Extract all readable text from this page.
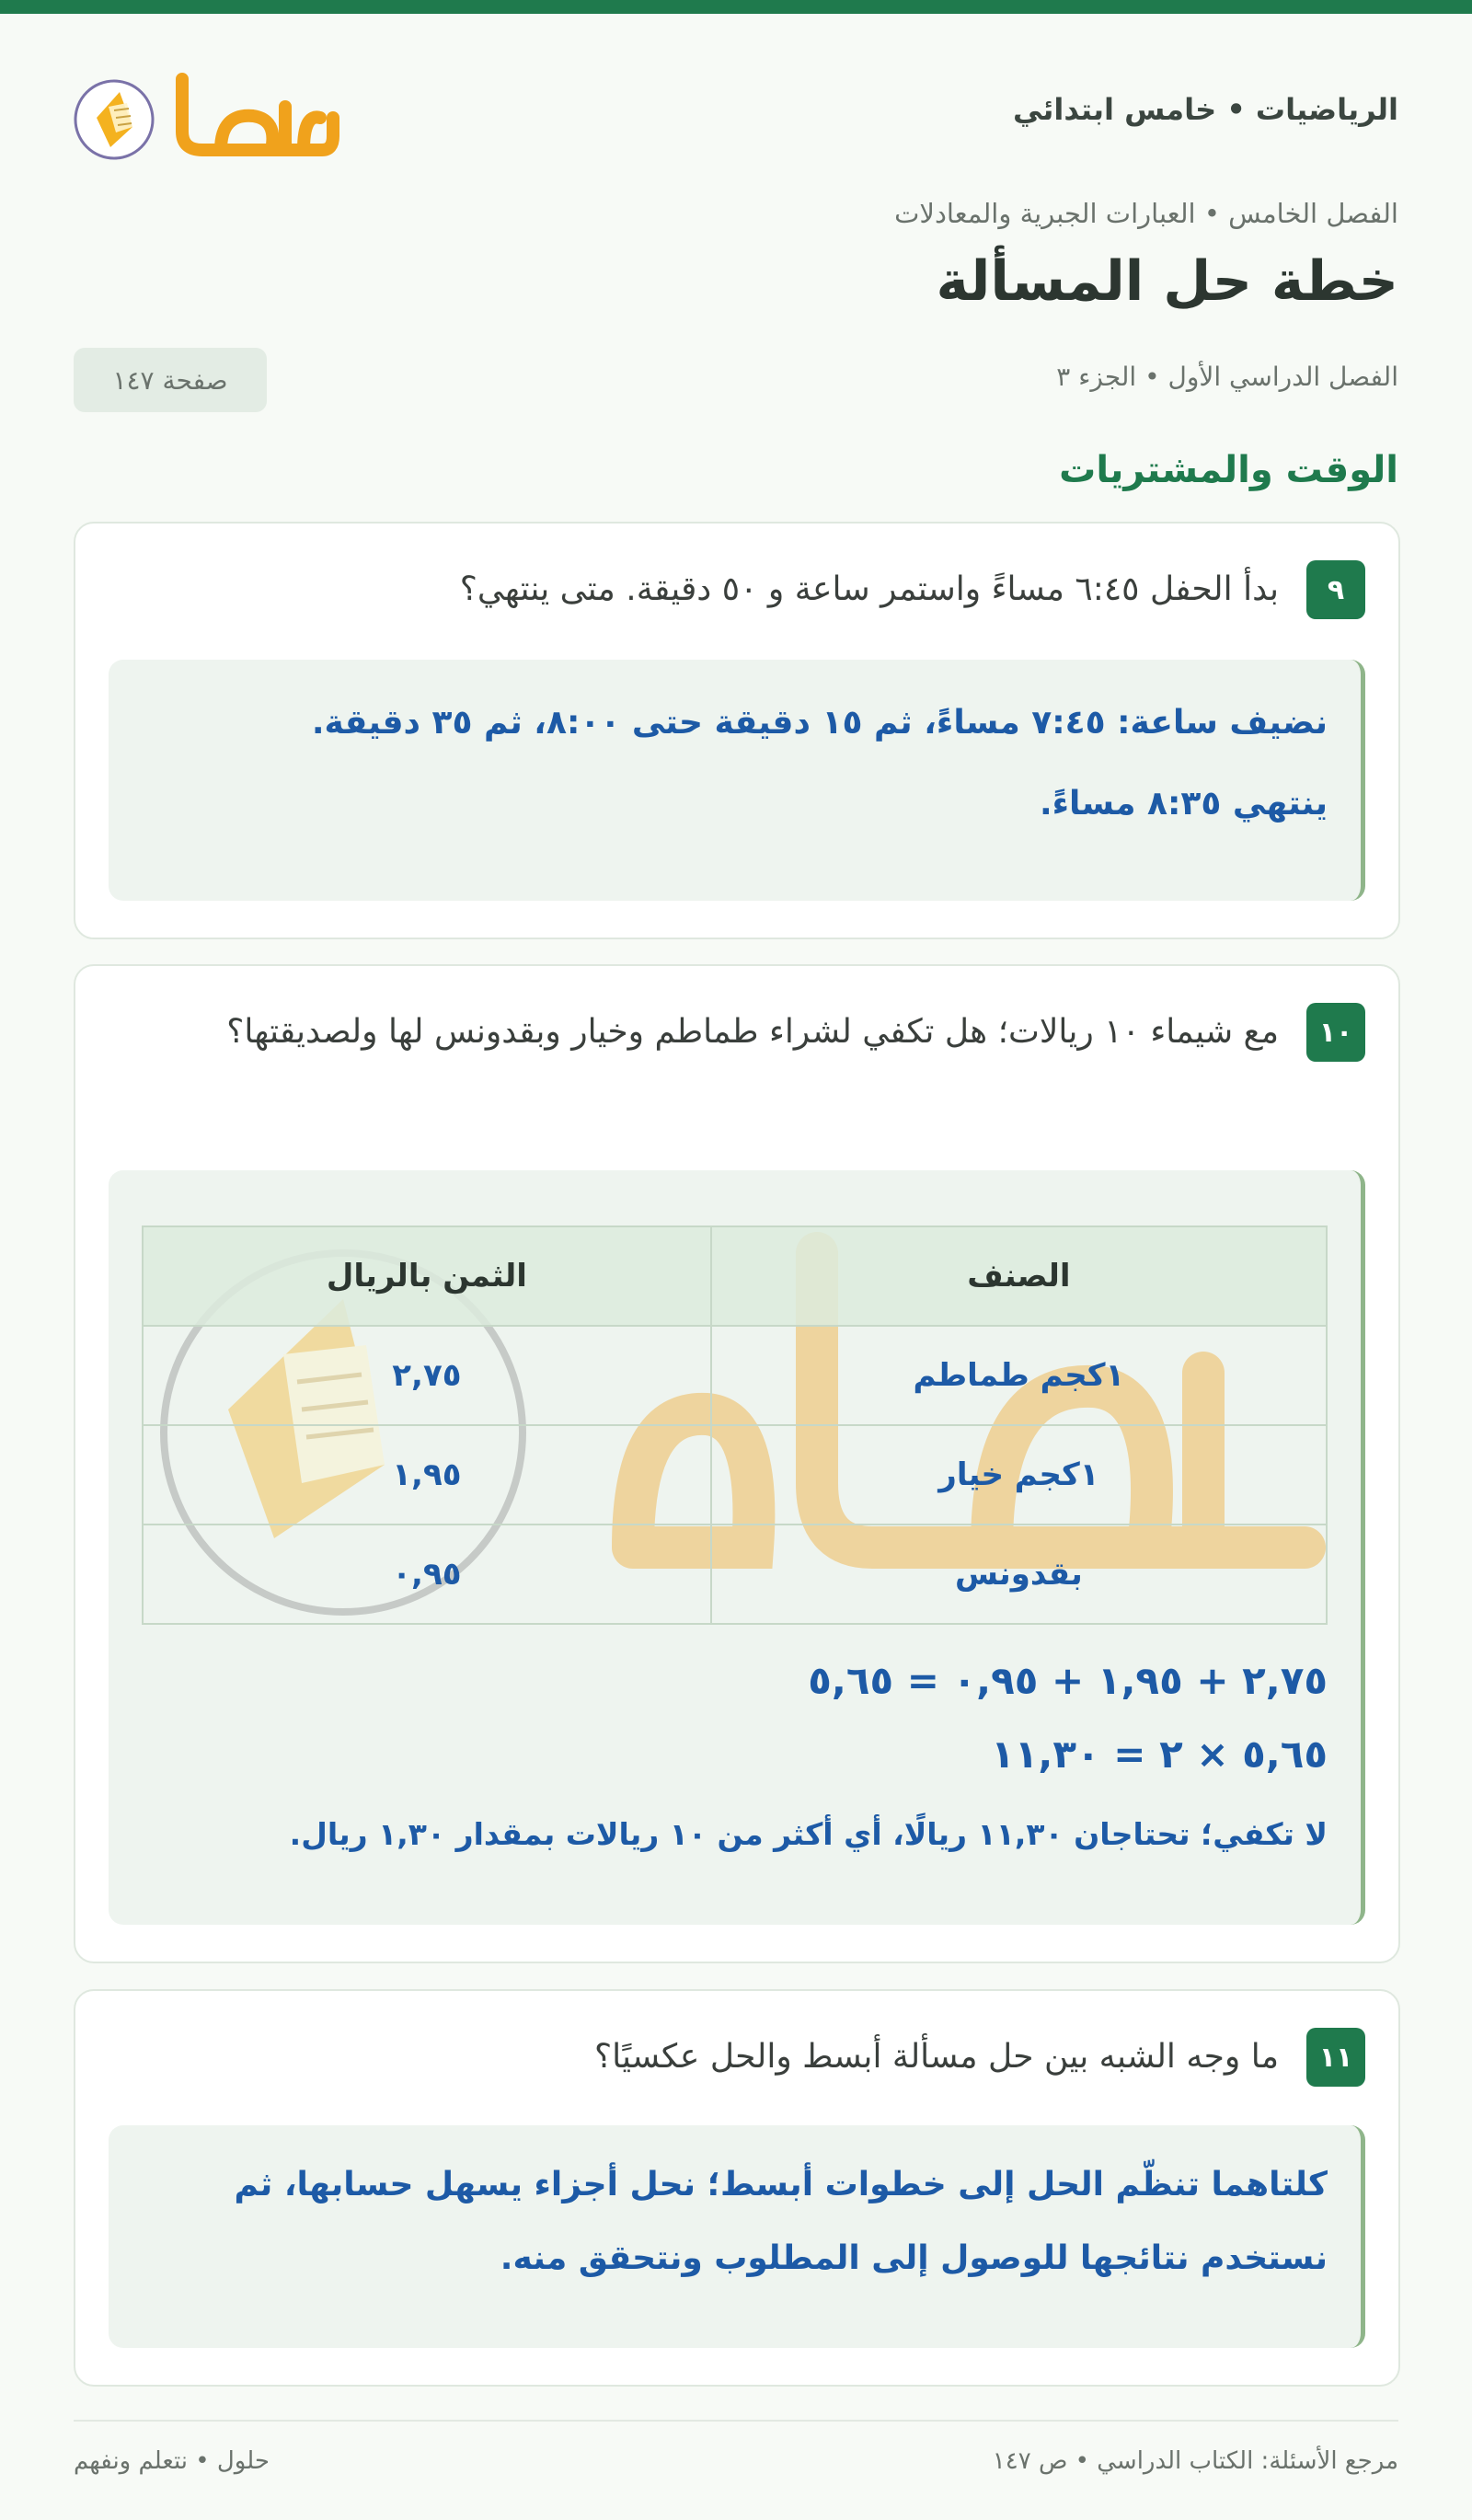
الرياضيات • خامس ابتدائي
الفصل الخامس • العبارات الجبرية والمعادلات
خطة حل المسألة
الفصل الدراسي الأول • الجزء ٣
صفحة ١٤٧
الوقت والمشتريات
٩
بدأ الحفل ٦:٤٥ مساءً واستمر ساعة و ٥٠ دقيقة. متى ينتهي؟
نضيف ساعة: ٧:٤٥ مساءً، ثم ١٥ دقيقة حتى ٨:٠٠، ثم ٣٥ دقيقة.
ينتهي ٨:٣٥ مساءً.
١٠
مع شيماء ١٠ ريالات؛ هل تكفي لشراء طماطم وخيار وبقدونس لها ولصديقتها؟
الصنف	الثمن بالريال
١كجم طماطم	٢,٧٥
١كجم خيار	١,٩٥
بقدونس	٠,٩٥
٢,٧٥ + ١,٩٥ + ٠,٩٥ = ٥,٦٥
٥,٦٥ × ٢ = ١١,٣٠
لا تكفي؛ تحتاجان ١١,٣٠ ريالًا، أي أكثر من ١٠ ريالات بمقدار ١,٣٠ ريال.
١١
ما وجه الشبه بين حل مسألة أبسط والحل عكسيًا؟
كلتاهما تنظّم الحل إلى خطوات أبسط؛ نحل أجزاء يسهل حسابها، ثم
نستخدم نتائجها للوصول إلى المطلوب ونتحقق منه.
مرجع الأسئلة: الكتاب الدراسي • ص ١٤٧
حلول • نتعلم ونفهم
